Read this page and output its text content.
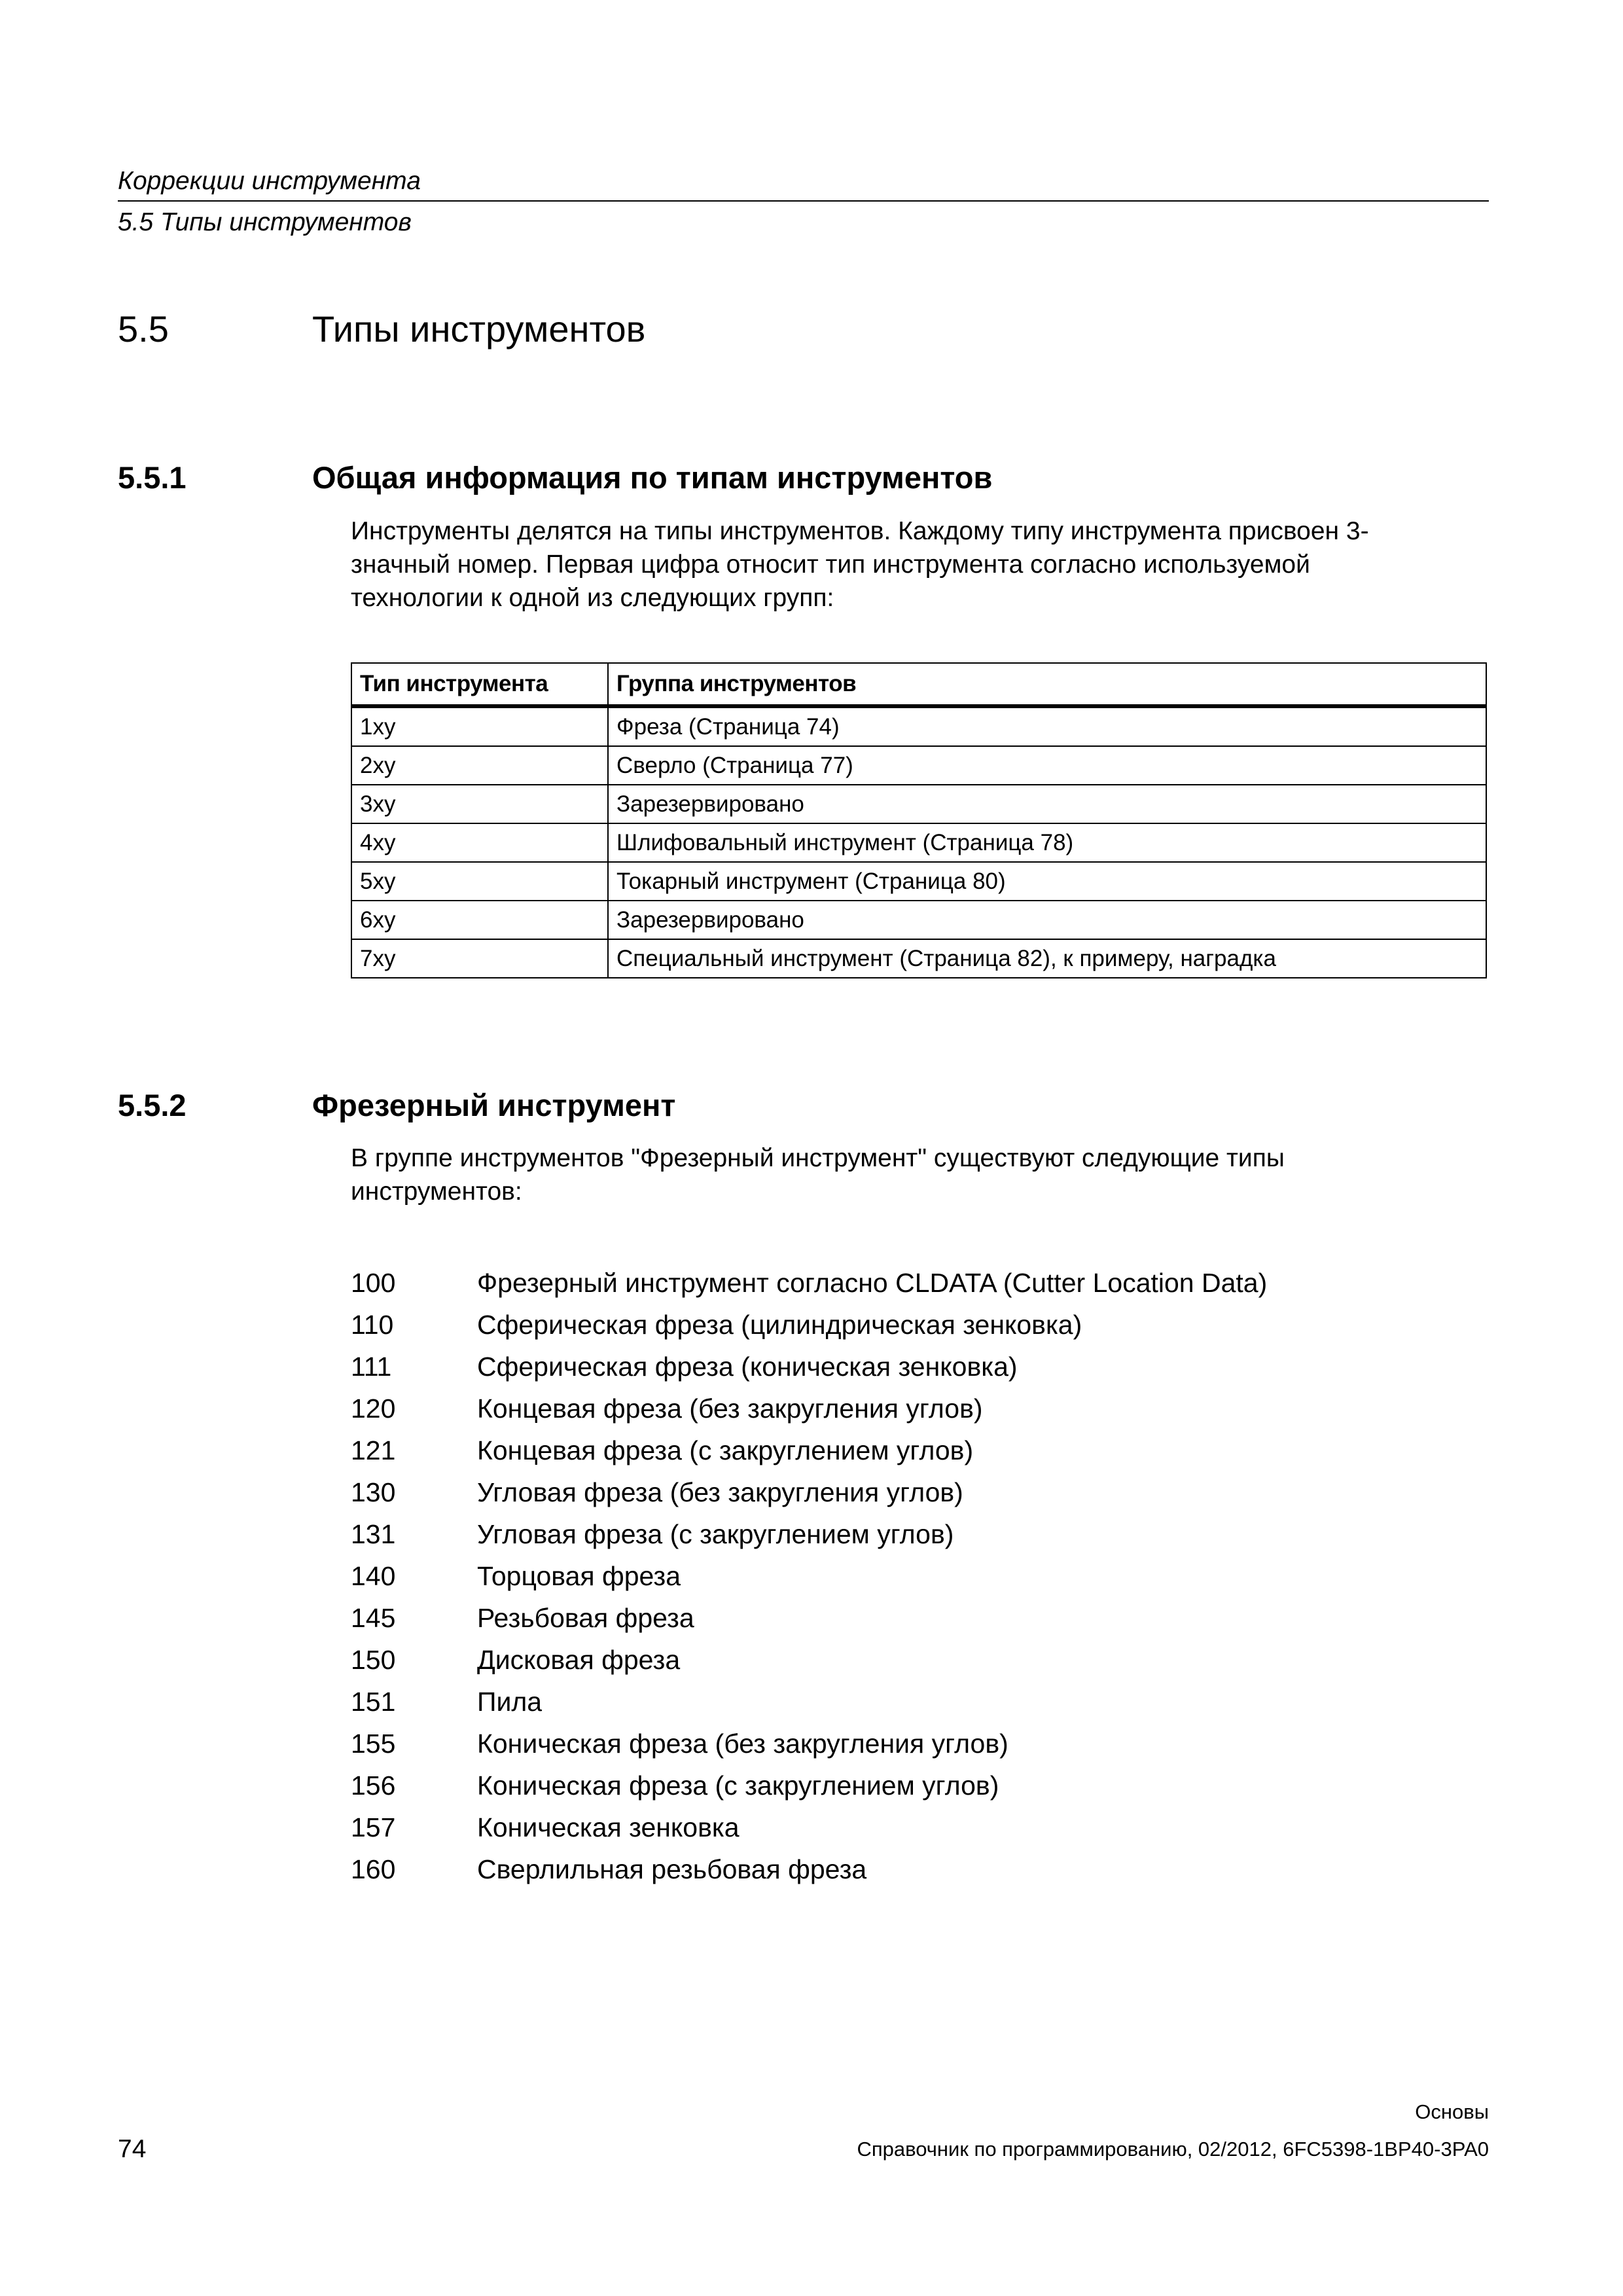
Коррекции инструмента
5.5 Типы инструментов
5.5	Типы инструментов
5.5.1	Общая информация по типам инструментов
Инструменты делятся на типы инструментов. Каждому типу инструмента присвоен 3-
значный номер. Первая цифра относит тип инструмента согласно используемой
технологии к одной из следующих групп:
Тип инструмента	Группа инструментов
1xy	Фреза (Страница 74)
2xy	Сверло (Страница 77)
3xy	Зарезервировано
4xy	Шлифовальный инструмент (Страница 78)
5xy	Токарный инструмент (Страница 80)
6xy	Зарезервировано
7xy	Специальный инструмент (Страница 82), к примеру, наградка
5.5.2	Фрезерный инструмент
В группе инструментов "Фрезерный инструмент" существуют следующие типы
инструментов:
100	Фрезерный инструмент согласно CLDATA (Cutter Location Data)
110	Сферическая фреза (цилиндрическая зенковка)
111	Сферическая фреза (коническая зенковка)
120	Концевая фреза (без закругления углов)
121	Концевая фреза (с закруглением углов)
130	Угловая фреза (без закругления углов)
131	Угловая фреза (с закруглением углов)
140	Торцовая фреза
145	Резьбовая фреза
150	Дисковая фреза
151	Пила
155	Коническая фреза (без закругления углов)
156	Коническая фреза (с закруглением углов)
157	Коническая зенковка
160	Сверлильная резьбовая фреза
Основы
74	Справочник по программированию, 02/2012, 6FC5398-1BP40-3PA0
